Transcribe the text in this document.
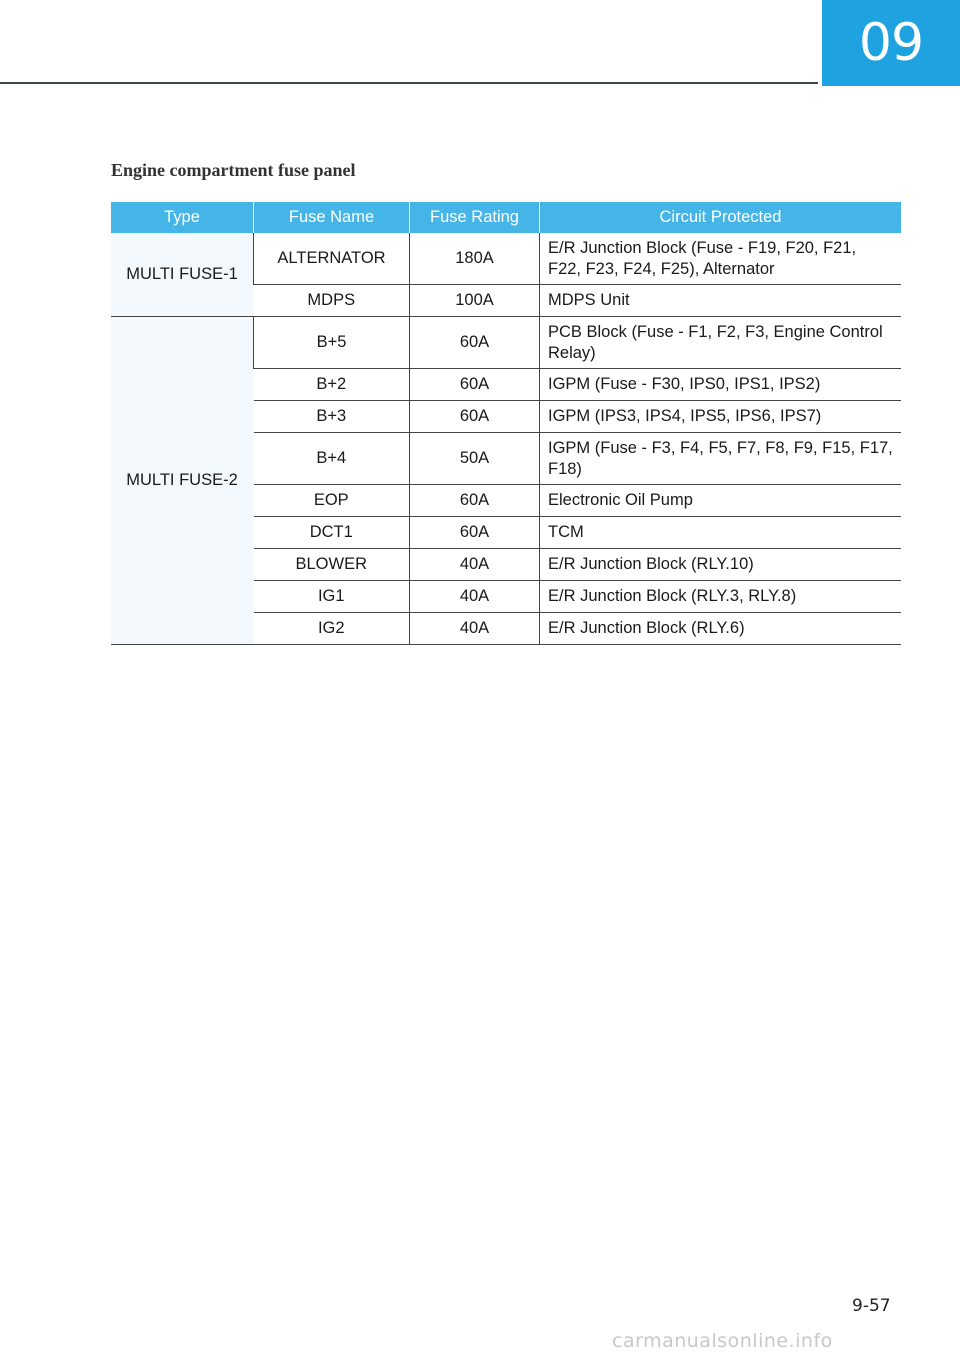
09
Engine compartment fuse panel
Type	Fuse Name	Fuse Rating	Circuit Protected
MULTI FUSE-1	ALTERNATOR	180A	E/R Junction Block (Fuse - F19, F20, F21, F22, F23, F24, F25), Alternator
	MDPS	100A	MDPS Unit
MULTI FUSE-2	B+5	60A	PCB Block (Fuse - F1, F2, F3, Engine Control Relay)
	B+2	60A	IGPM (Fuse - F30, IPS0, IPS1, IPS2)
	B+3	60A	IGPM (IPS3, IPS4, IPS5, IPS6, IPS7)
	B+4	50A	IGPM (Fuse - F3, F4, F5, F7, F8, F9, F15, F17, F18)
	EOP	60A	Electronic Oil Pump
	DCT1	60A	TCM
	BLOWER	40A	E/R Junction Block (RLY.10)
	IG1	40A	E/R Junction Block (RLY.3, RLY.8)
	IG2	40A	E/R Junction Block (RLY.6)
9-57
carmanualsonline.info
